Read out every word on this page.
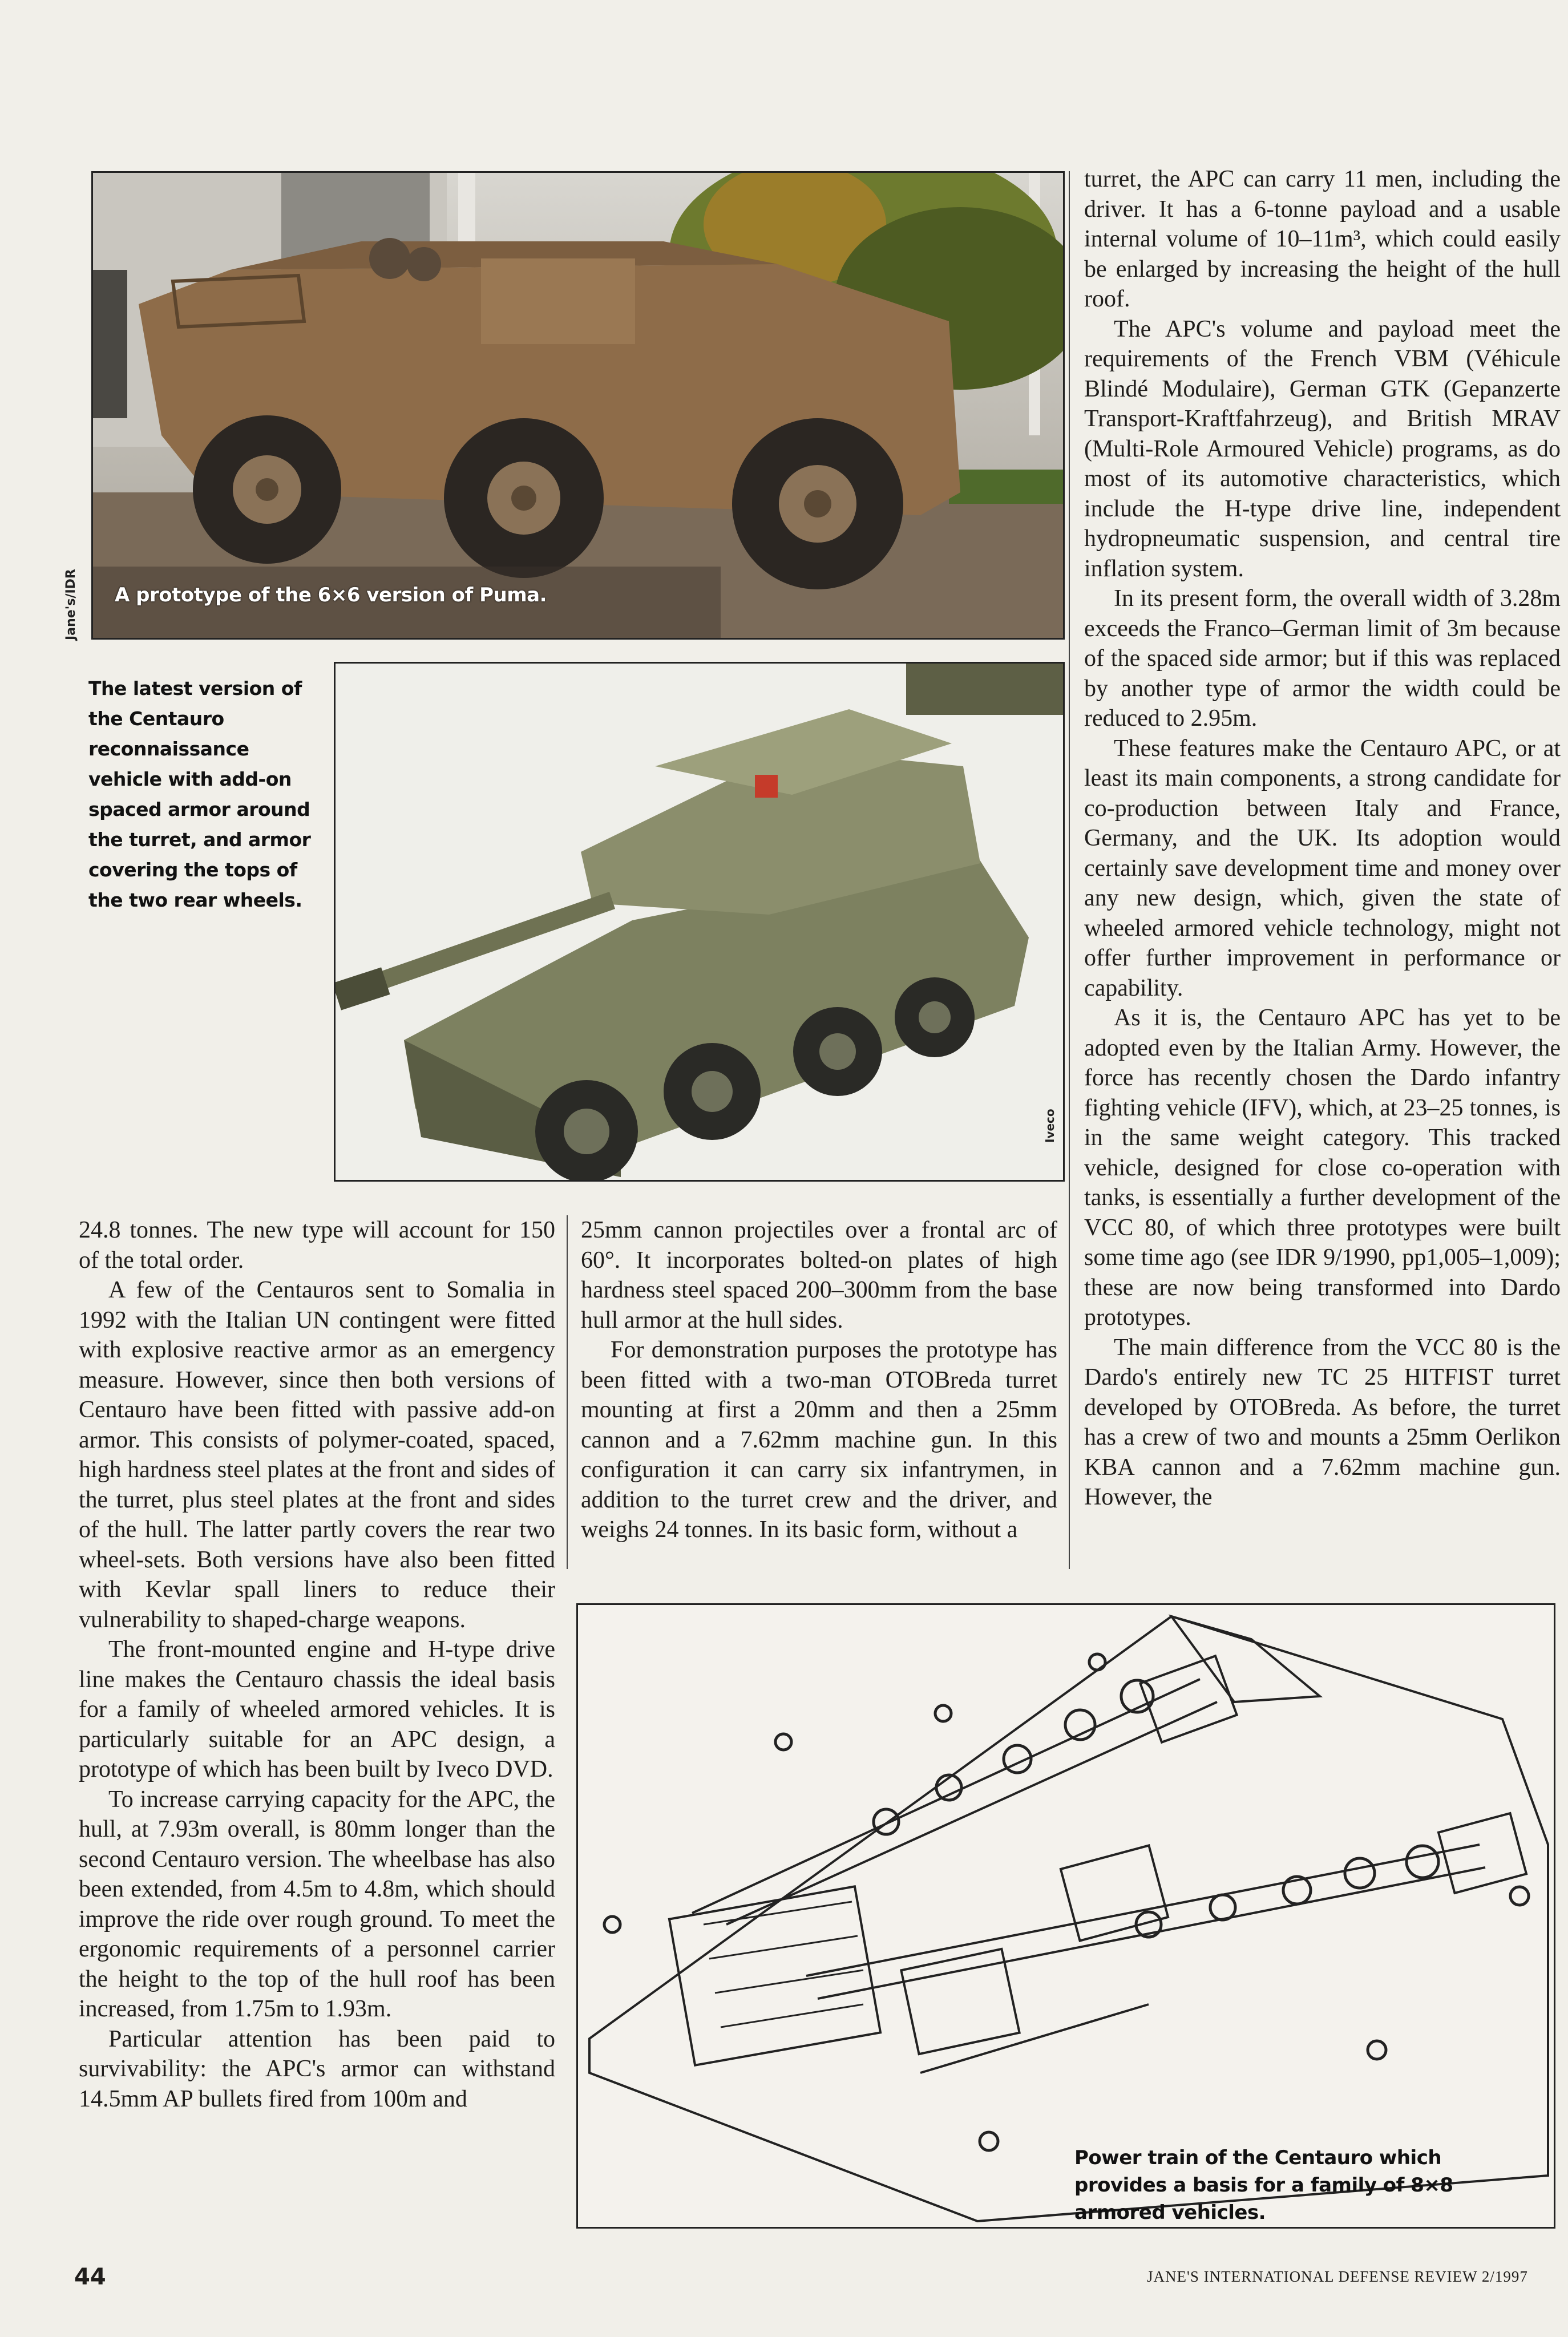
A prototype of the 6×6 version of Puma.
Jane's/IDR
The latest version of the Centauro reconnaissance vehicle with add-on spaced armor around the turret, and armor covering the tops of the two rear wheels.
Iveco

24.8 tonnes. The new type will account for 150 of the total order.

A few of the Centauros sent to Somalia in 1992 with the Italian UN contingent were fitted with explosive reactive armor as an emergency measure. However, since then both versions of Centauro have been fitted with passive add-on armor. This consists of polymer-coated, spaced, high hardness steel plates at the front and sides of the turret, plus steel plates at the front and sides of the hull. The latter partly covers the rear two wheel-sets. Both versions have also been fitted with Kevlar spall liners to reduce their vulnerability to shaped-charge weapons.

The front-mounted engine and H-type drive line makes the Centauro chassis the ideal basis for a family of wheeled armored vehicles. It is particularly suitable for an APC design, a prototype of which has been built by Iveco DVD.

To increase carrying capacity for the APC, the hull, at 7.93m overall, is 80mm longer than the second Centauro version. The wheelbase has also been extended, from 4.5m to 4.8m, which should improve the ride over rough ground. To meet the ergonomic requirements of a personnel carrier the height to the top of the hull roof has been increased, from 1.75m to 1.93m.

Particular attention has been paid to survivability: the APC's armor can withstand 14.5mm AP bullets fired from 100m and

25mm cannon projectiles over a frontal arc of 60°. It incorporates bolted-on plates of high hardness steel spaced 200–300mm from the base hull armor at the hull sides.

For demonstration purposes the prototype has been fitted with a two-man OTOBreda turret mounting at first a 20mm and then a 25mm cannon and a 7.62mm machine gun. In this configuration it can carry six infantrymen, in addition to the turret crew and the driver, and weighs 24 tonnes. In its basic form, without a

turret, the APC can carry 11 men, including the driver. It has a 6-tonne payload and a usable internal volume of 10–11m³, which could easily be enlarged by increasing the height of the hull roof.

The APC's volume and payload meet the requirements of the French VBM (Véhicule Blindé Modulaire), German GTK (Gepanzerte Transport-Kraftfahrzeug), and British MRAV (Multi-Role Armoured Vehicle) programs, as do most of its automotive characteristics, which include the H-type drive line, independent hydropneumatic suspension, and central tire inflation system.

In its present form, the overall width of 3.28m exceeds the Franco–German limit of 3m because of the spaced side armor; but if this was replaced by another type of armor the width could be reduced to 2.95m.

These features make the Centauro APC, or at least its main components, a strong candidate for co-production between Italy and France, Germany, and the UK. Its adoption would certainly save development time and money over any new design, which, given the state of wheeled armored vehicle technology, might not offer further improvement in performance or capability.

As it is, the Centauro APC has yet to be adopted even by the Italian Army. However, the force has recently chosen the Dardo infantry fighting vehicle (IFV), which, at 23–25 tonnes, is in the same weight category. This tracked vehicle, designed for close co-operation with tanks, is essentially a further development of the VCC 80, of which three prototypes were built some time ago (see IDR 9/1990, pp1,005–1,009); these are now being transformed into Dardo prototypes.

The main difference from the VCC 80 is the Dardo's entirely new TC 25 HITFIST turret developed by OTOBreda. As before, the turret has a crew of two and mounts a 25mm Oerlikon KBA cannon and a 7.62mm machine gun. However, the

Power train of the Centauro which provides a basis for a family of 8×8 armored vehicles.
44	JANE'S INTERNATIONAL DEFENSE REVIEW 2/1997
